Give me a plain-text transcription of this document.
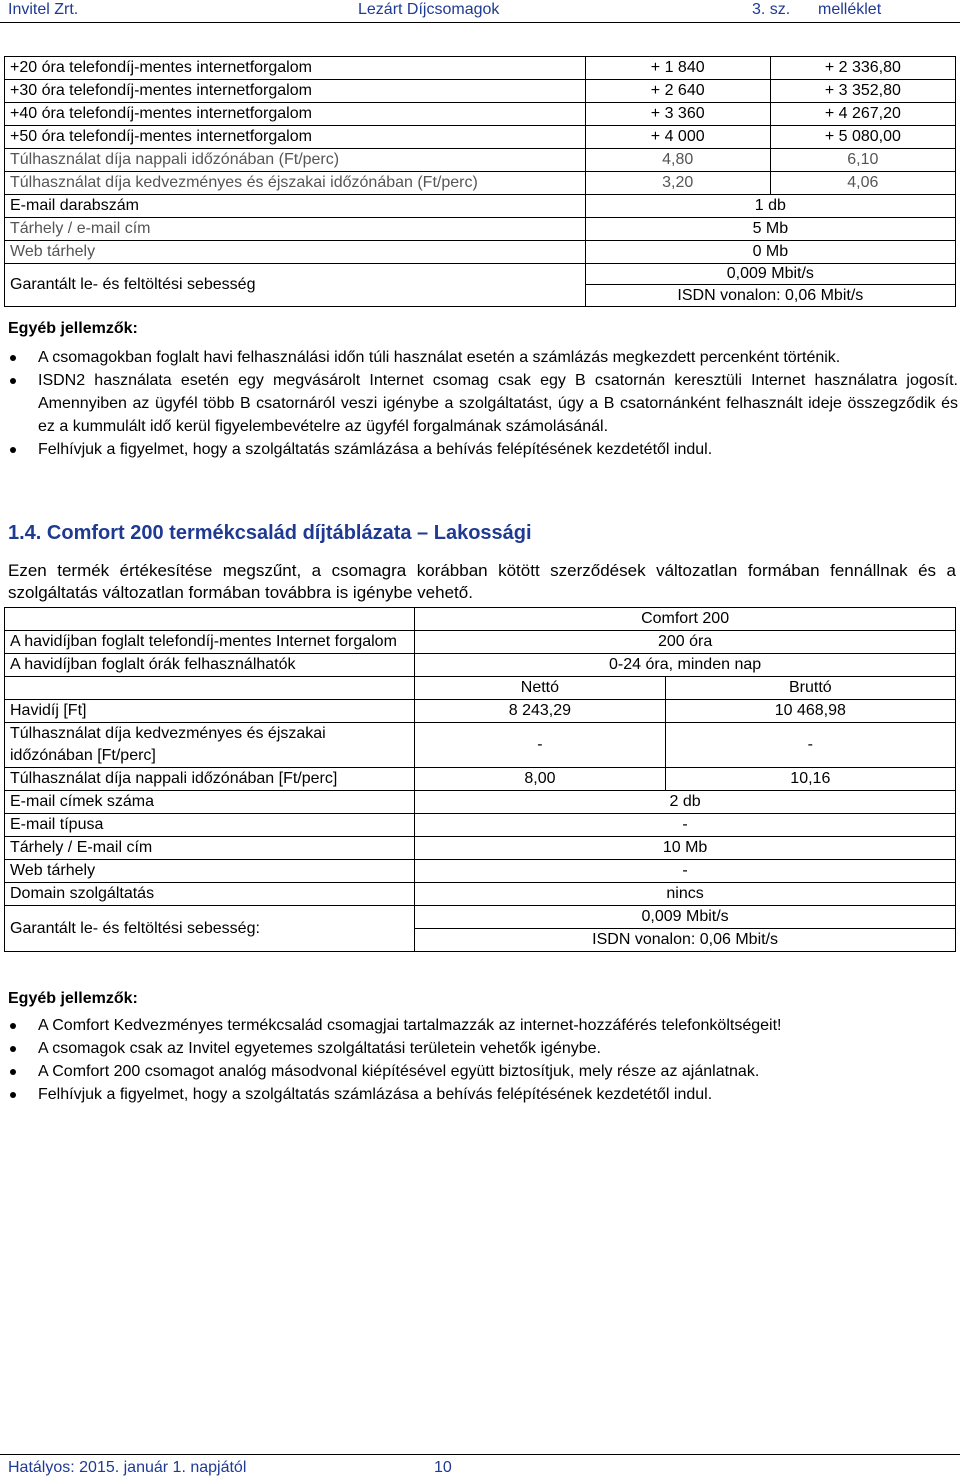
Invitel Zrt.	Lezárt Díjcsomagok	3. sz. melléklet
+20 óra telefondíj-mentes internetforgalom	+ 1 840	+ 2 336,80
+30 óra telefondíj-mentes internetforgalom	+ 2 640	+ 3 352,80
+40 óra telefondíj-mentes internetforgalom	+ 3 360	+ 4 267,20
+50 óra telefondíj-mentes internetforgalom	+ 4 000	+ 5 080,00
Túlhasználat díja nappali időzónában (Ft/perc)	4,80	6,10
Túlhasználat díja kedvezményes és éjszakai időzónában (Ft/perc)	3,20	4,06
E-mail darabszám	1 db	
Tárhely / e-mail cím	5 Mb	
Web tárhely	0 Mb	
Garantált le- és feltöltési sebesség	0,009 Mbit/s
ISDN vonalon: 0,06 Mbit/s	
Egyéb jellemzők:
A csomagokban foglalt havi felhasználási időn túli használat esetén a számlázás megkezdett percenként történik.
ISDN2 használata esetén egy megvásárolt Internet csomag csak egy B csatornán keresztüli Internet használatra jogosít. Amennyiben az ügyfél több B csatornáról veszi igénybe a szolgáltatást, úgy a B csatornánként felhasznált ideje összegződik és ez a kummulált idő kerül figyelembevételre az ügyfél forgalmának számolásánál.
Felhívjuk a figyelmet, hogy a szolgáltatás számlázása a behívás felépítésének kezdetétől indul.
1.4. Comfort 200 termékcsalád díjtáblázata – Lakossági
Ezen termék értékesítése megszűnt, a csomagra korábban kötött szerződések változatlan formában fennállnak és a szolgáltatás változatlan formában továbbra is igénybe vehető.
	Comfort 200	
A havidíjban foglalt telefondíj-mentes Internet forgalom	200 óra	
A havidíjban foglalt órák felhasználhatók	0-24 óra, minden nap	
	Nettó	Bruttó
Havidíj [Ft]	8 243,29	10 468,98
Túlhasználat díja kedvezményes és éjszakai időzónában [Ft/perc]	-	-
Túlhasználat díja nappali időzónában [Ft/perc]	8,00	10,16
E-mail címek száma	2 db	
E-mail típusa	-	
Tárhely / E-mail cím	10 Mb	
Web tárhely	-	
Domain szolgáltatás	nincs	
Garantált le- és feltöltési sebesség:	0,009 Mbit/s
ISDN vonalon: 0,06 Mbit/s	
Egyéb jellemzők:
A Comfort Kedvezményes termékcsalád csomagjai tartalmazzák az internet-hozzáférés telefonköltségeit!
A csomagok csak az Invitel egyetemes szolgáltatási területein vehetők igénybe.
A Comfort 200 csomagot analóg másodvonal kiépítésével együtt biztosítjuk, mely része az ajánlatnak.
Felhívjuk a figyelmet, hogy a szolgáltatás számlázása a behívás felépítésének kezdetétől indul.
Hatályos: 2015. január 1. napjától	10
